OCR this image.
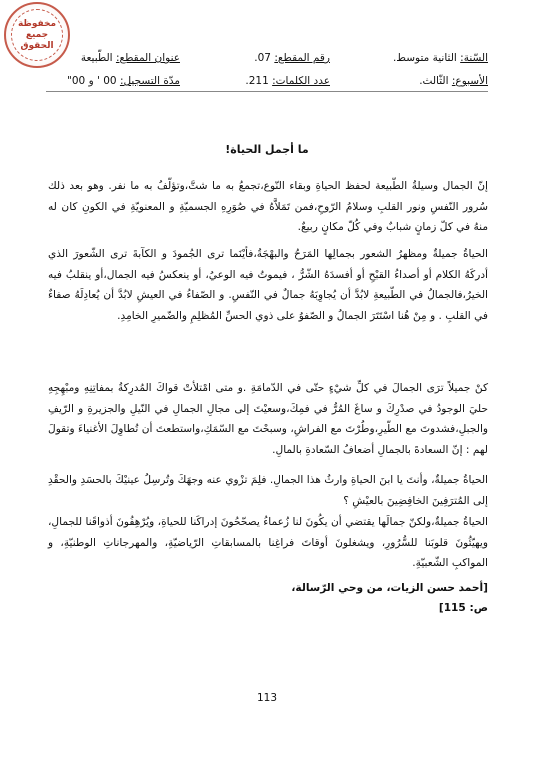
مخفوظة
جميع الحقوق
السّنة: الثانية متوسط.
رقم المقطع: 07.
عنوان المقطع: الطّبيعة
الأسبوع: الثّالث.
عدد الكلمات: 211.
مدّة التسجيل: 00 ' و 00"
ما أجمل الحياة!

إنّ الجمال وسيلةُ الطّبيعة لحفظ الحياةِ وبقاء النّوع،تجمعُ به ما شتَّ،وتؤلّفُ به ما نفر. وهو بعد ذلك سُرور النّفسِ ونور القلبِ وسلامُ الرّوحِ،فمن تَمَلاَّهُ في صُوَرِهِ الجسميّةِ و المعنويّةِ في الكونِ كان له منهُ في كلّ زمانٍ شبابٌ وفي كُلّ مكانٍ ربيعٌ.

الحياةُ جميلةٌ ومظهرُ الشعور بجمالِها المَرَحُ والبهْجَةُ،فأيْنَما ترى الجُمودَ و الكآبةَ ترى الشّعورَ الذي أدركَهُ الكلام أو أصداءُ القبْحِ أو أفسدَهُ الشّرُّ ، فيموتُ فيه الوعيُ، أو ينعكسُ فيه الجمال،أو ينقلبُ فيه الخيرُ،فالجمالُ في الطّبيعةِ لابُدَّ أن يُجاوِبَهُ جمالٌ في النّفسِ. و الصّفاءُ في العيشِ لابُدَّ أن يُعادِلَهُ صفاءٌ في القلبِ . و مِنْ هُنا اسْتَتَرَ الجمالُ و الصّفوُ على ذوي الحسِّ المُظلِمِ والضّميرِ الخامِدِ.

كنْ جميلاً ترَى الجمالَ في كلِّ شيْءٍ حتّى في الدّمامَةِ .و متى امْتلأتْ قواكَ المُدرِكةُ بمفاتِنِهِ ومبْهِجِهِ حليَ الوجودُ في صدْرِكَ و ساغَ المُرُّ في فمِكَ،وسعيْتَ إلى مجالِ الجمالِ في النّيلِ والجزيرةِ و الرّيفِ والجبلِ،فشدوتَ مع الطّيرِ،وطُرْتَ مع الفراشِ، وسبحْتَ مع السّمَكِ،واستطعتَ أن تُطاوِلَ الأغنياءَ وتقولَ لهم : إنّ السعادةَ بالجمالِ أضعافُ السّعادةِ بالمالِ.

الحياةُ جميلةٌ، وأنتَ يا ابنَ الحياةِ وارثُ هذا الجمالِ. فلِمَ تزْوي عنه وجهَكَ وتُرسِلُ عينيْكَ بالحسَدِ والحقْدِ إلى المُترَفِينَ الخافِضِينَ بالعيْشِ ؟

الحياةُ جميلةٌ،ولكنّ جمالَها يقتضي أن يكُونَ لنا زُعماءُ يصحّحُونَ إدراكَنا للحياةِ، ويُرْهِفُونَ أذواقَنا للجمالِ، ويهيّئُونَ قلوبَنا للسُّرُورِ، ويشغلونَ أوقاتَ فراغِنا بالمسابقاتِ الرّياضيّةِ، والمهرجاناتِ الوطنيّةِ، و المواكبِ الشّعبيّةِ.

[أحمد حسن الزيات، من وحي الرّسالة،
ص: 115]
113
